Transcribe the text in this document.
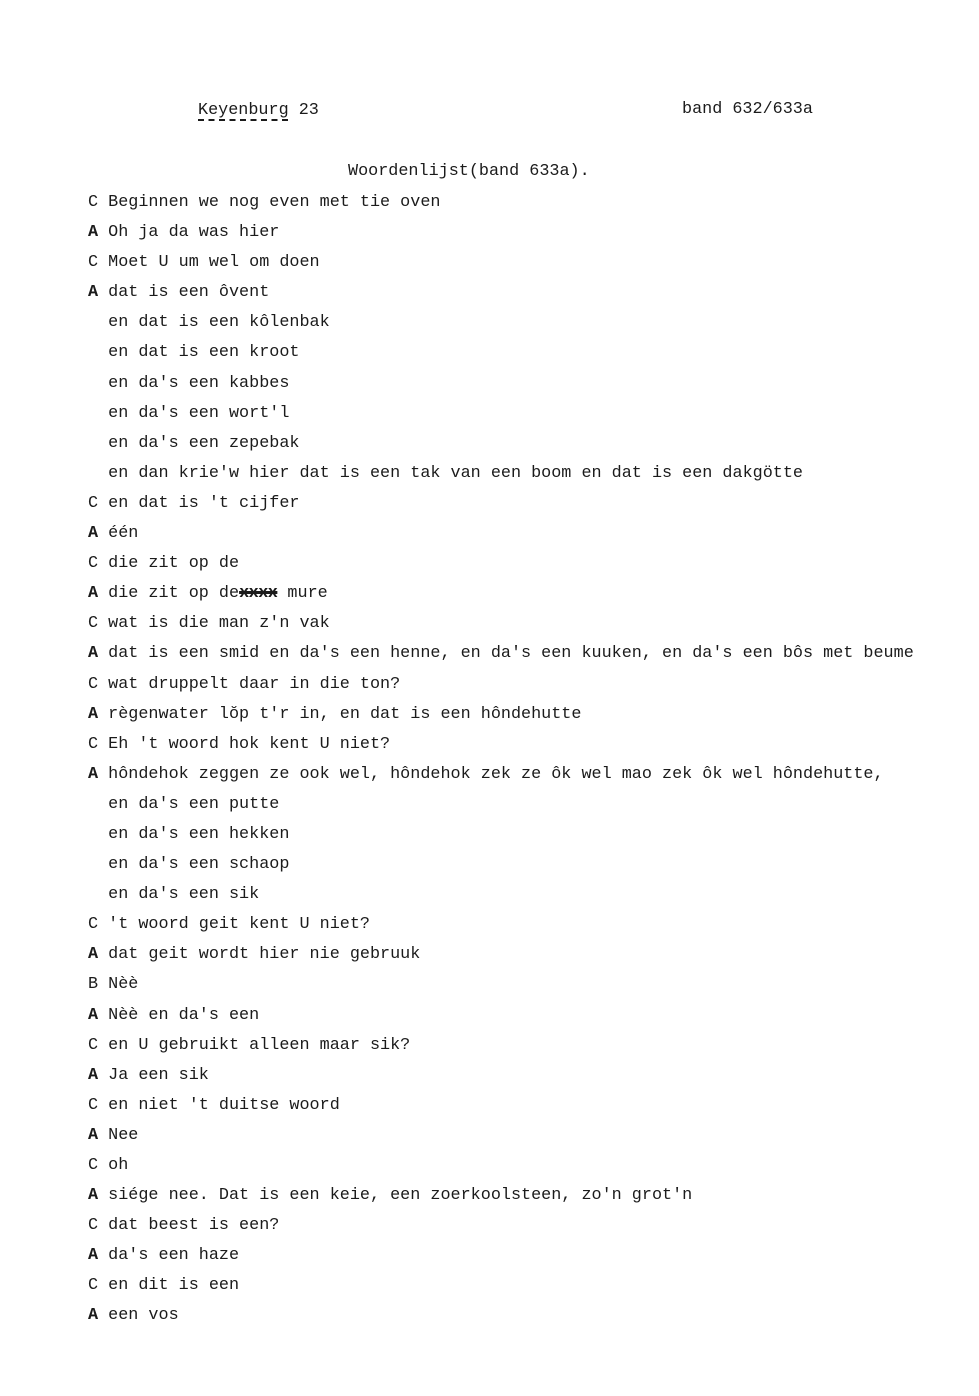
Keyenburg 23	band 632/633a
Woordenlijst(band 633a).
C Beginnen we nog even met tie oven
A Oh ja da was hier
C Moet U um wel om doen
A dat is een ôvent
en dat is een kôlenbak
en dat is een kroot
en da's een kabbes
en da's een wort'l
en da's een zepebak
en dan krie'w hier dat is een tak van een boom en dat is een dakgötte
C en dat is 't cijfer
A één
C die zit op de
A die zit op dexxxx mure
C wat is die man z'n vak
A dat is een smid en da's een henne, en da's een kuuken, en da's een bôs met beume
C wat druppelt daar in die ton?
A règenwater lŏp t'r in, en dat is een hôndehutte
C Eh 't woord hok kent U niet?
A hôndehok zeggen ze ook wel, hôndehok zek ze ôk wel mao zek ôk wel hôndehutte,
en da's een putte
en da's een hekken
en da's een schaop
en da's een sik
C 't woord geit kent U niet?
A dat geit wordt hier nie gebruuk
B Nèè
A Nèè en da's een
C en U gebruikt alleen maar sik?
A Ja een sik
C en niet 't duitse woord
A Nee
C oh
A siége nee. Dat is een keie, een zoerkoolsteen, zo'n grot'n
C dat beest is een?
A da's een haze
C en dit is een
A een vos
